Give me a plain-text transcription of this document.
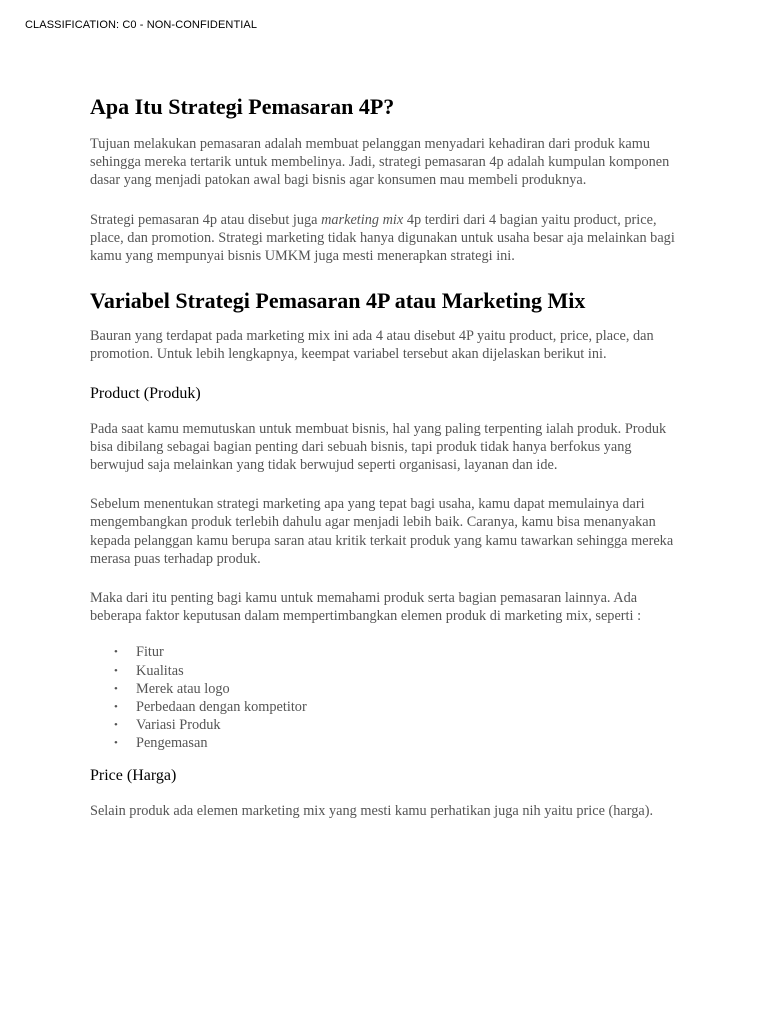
CLASSIFICATION: C0 - NON-CONFIDENTIAL
Apa Itu Strategi Pemasaran 4P?

Tujuan melakukan pemasaran adalah membuat pelanggan menyadari kehadiran dari produk kamu sehingga mereka tertarik untuk membelinya. Jadi, strategi pemasaran 4p adalah kumpulan komponen dasar yang menjadi patokan awal bagi bisnis agar konsumen mau membeli produknya.

Strategi pemasaran 4p atau disebut juga marketing mix 4p terdiri dari 4 bagian yaitu product, price, place, dan promotion. Strategi marketing tidak hanya digunakan untuk usaha besar aja melainkan bagi kamu yang mempunyai bisnis UMKM juga mesti menerapkan strategi ini.

Variabel Strategi Pemasaran 4P atau Marketing Mix

Bauran yang terdapat pada marketing mix ini ada 4 atau disebut 4P yaitu product, price, place, dan promotion. Untuk lebih lengkapnya, keempat variabel tersebut akan dijelaskan berikut ini.

Product (Produk)

Pada saat kamu memutuskan untuk membuat bisnis, hal yang paling terpenting ialah produk. Produk bisa dibilang sebagai bagian penting dari sebuah bisnis, tapi produk tidak hanya berfokus yang berwujud saja melainkan yang tidak berwujud seperti organisasi, layanan dan ide.

Sebelum menentukan strategi marketing apa yang tepat bagi usaha, kamu dapat memulainya dari mengembangkan produk terlebih dahulu agar menjadi lebih baik. Caranya, kamu bisa menanyakan kepada pelanggan kamu berupa saran atau kritik terkait produk yang kamu tawarkan sehingga mereka merasa puas terhadap produk.

Maka dari itu penting bagi kamu untuk memahami produk serta bagian pemasaran lainnya. Ada beberapa faktor keputusan dalam mempertimbangkan elemen produk di marketing mix, seperti :

• Fitur
• Kualitas
• Merek atau logo
• Perbedaan dengan kompetitor
• Variasi Produk
• Pengemasan
Price (Harga)

Selain produk ada elemen marketing mix yang mesti kamu perhatikan juga nih yaitu price (harga).
